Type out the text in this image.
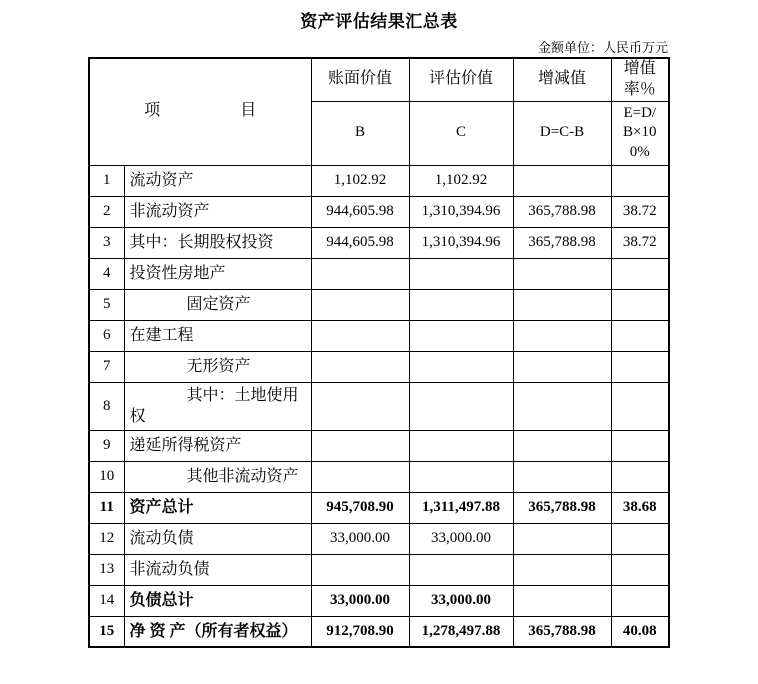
资产评估结果汇总表
金额单位：人民币万元
项　　　　　目		账面价值	评估价值	增减值	增值率％
		B	C	D=C-B	E=D/B×100%
1	流动资产	1,102.92	1,102.92		
2	非流动资产	944,605.98	1,310,394.96	365,788.98	38.72
3	其中：长期股权投资	944,605.98	1,310,394.96	365,788.98	38.72
4	投资性房地产				
5	固定资产				
6	在建工程				
7	无形资产				
8	其中：土地使用权				
9	递延所得税资产				
10	其他非流动资产				
11	资产总计	945,708.90	1,311,497.88	365,788.98	38.68
12	流动负债	33,000.00	33,000.00		
13	非流动负债				
14	负债总计	33,000.00	33,000.00		
15	净 资 产（所有者权益）	912,708.90	1,278,497.88	365,788.98	40.08
